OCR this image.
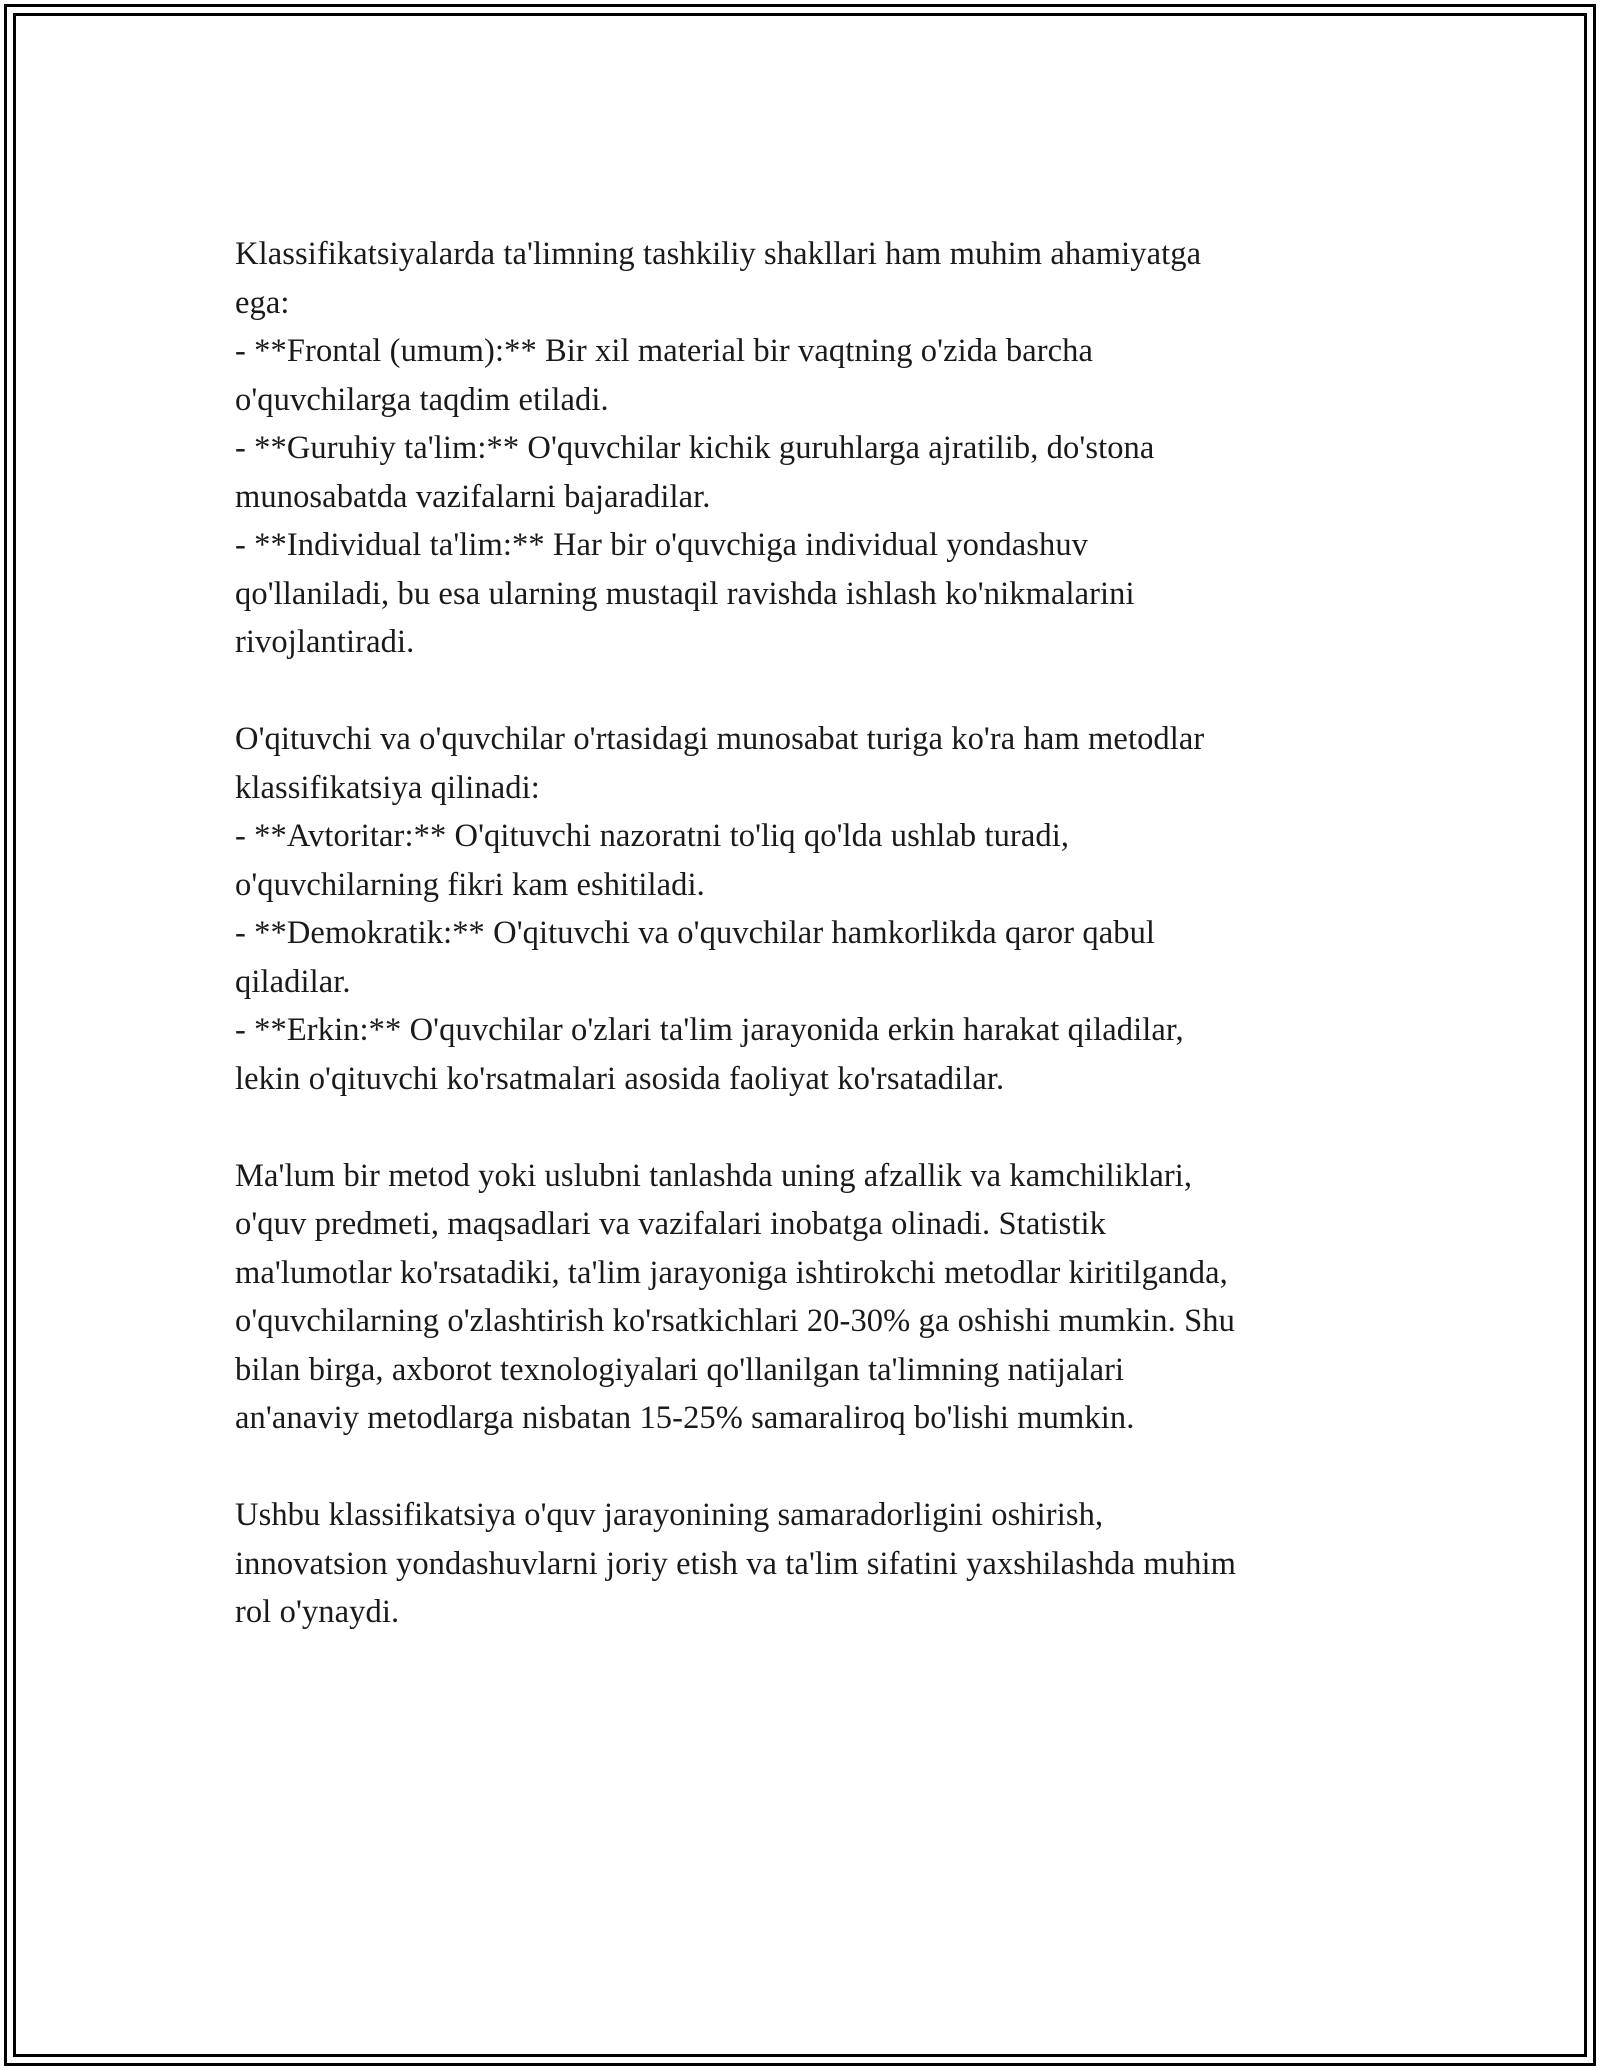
Klassifikatsiyalarda ta'limning tashkiliy shakllari ham muhim ahamiyatga
ega:
- **Frontal (umum):** Bir xil material bir vaqtning o'zida barcha
o'quvchilarga taqdim etiladi.
- **Guruhiy ta'lim:** O'quvchilar kichik guruhlarga ajratilib, do'stona
munosabatda vazifalarni bajaradilar.
- **Individual ta'lim:** Har bir o'quvchiga individual yondashuv
qo'llaniladi, bu esa ularning mustaqil ravishda ishlash ko'nikmalarini
rivojlantiradi.

O'qituvchi va o'quvchilar o'rtasidagi munosabat turiga ko'ra ham metodlar
klassifikatsiya qilinadi:
- **Avtoritar:** O'qituvchi nazoratni to'liq qo'lda ushlab turadi,
o'quvchilarning fikri kam eshitiladi.
- **Demokratik:** O'qituvchi va o'quvchilar hamkorlikda qaror qabul
qiladilar.
- **Erkin:** O'quvchilar o'zlari ta'lim jarayonida erkin harakat qiladilar,
lekin o'qituvchi ko'rsatmalari asosida faoliyat ko'rsatadilar.

Ma'lum bir metod yoki uslubni tanlashda uning afzallik va kamchiliklari,
o'quv predmeti, maqsadlari va vazifalari inobatga olinadi. Statistik
ma'lumotlar ko'rsatadiki, ta'lim jarayoniga ishtirokchi metodlar kiritilganda,
o'quvchilarning o'zlashtirish ko'rsatkichlari 20-30% ga oshishi mumkin. Shu
bilan birga, axborot texnologiyalari qo'llanilgan ta'limning natijalari
an'anaviy metodlarga nisbatan 15-25% samaraliroq bo'lishi mumkin.

Ushbu klassifikatsiya o'quv jarayonining samaradorligini oshirish,
innovatsion yondashuvlarni joriy etish va ta'lim sifatini yaxshilashda muhim
rol o'ynaydi.
